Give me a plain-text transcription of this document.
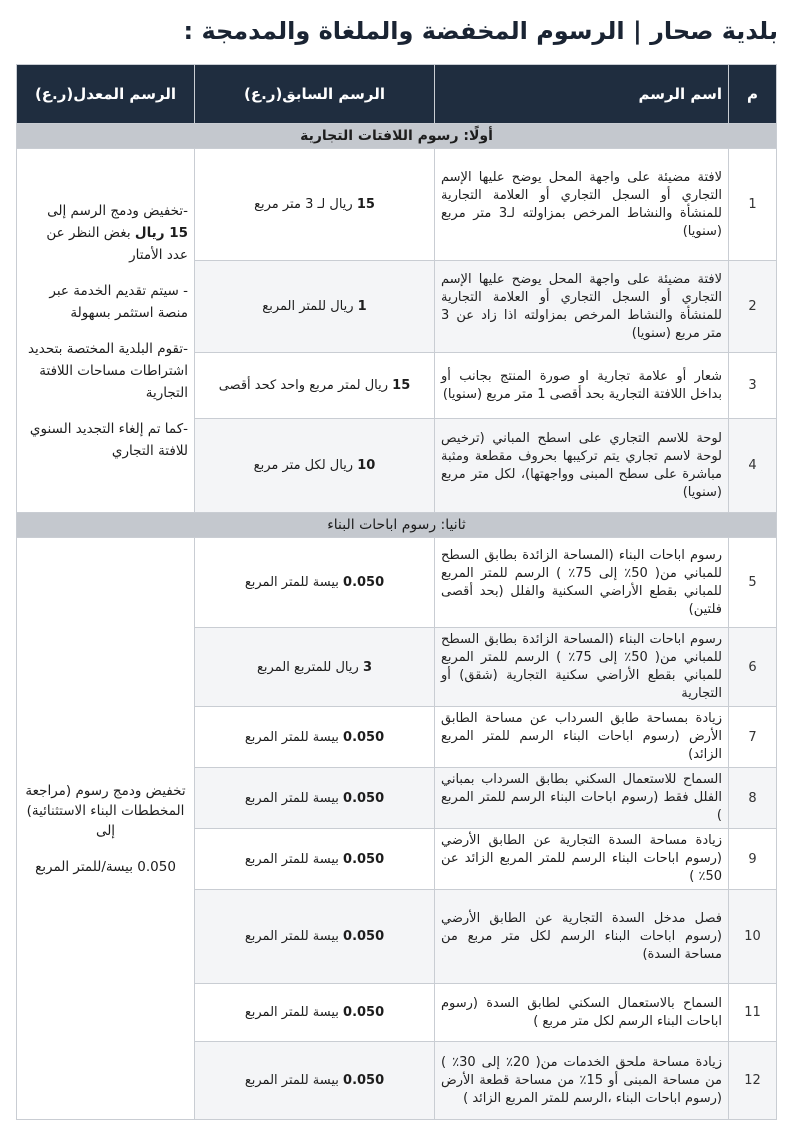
بلدية صحار | الرسوم المخفضة والملغاة والمدمجة :
م	اسم الرسم	الرسم السابق(ر.ع)	الرسم المعدل(ر.ع)
أولًا: رسوم اللافتات التجارية			
1	لافتة مضيئة على واجهة المحل يوضح عليها الإسم التجاري أو السجل التجاري أو العلامة التجارية للمنشأة والنشاط المرخص بمزاولته لـ3 متر مربع (سنويا)	15 ريال لـ 3 متر مربع	-تخفيض ودمج الرسم إلى
15 ريال بغض النظر عن عدد الأمتار

- سيتم تقديم الخدمة عبر منصة استثمر بسهولة

-تقوم البلدية المختصة بتحديد اشتراطات مساحات اللافتة التجارية

-كما تم إلغاء التجديد السنوي للافتة التجاري

2	لافتة مضيئة على واجهة المحل يوضح عليها الإسم التجاري أو السجل التجاري أو العلامة التجارية للمنشأة والنشاط المرخص بمزاولته اذا زاد عن 3 متر مربع (سنويا)	1 ريال للمتر المربع	
3	شعار أو علامة تجارية او صورة المنتج بجانب أو بداخل اللافتة التجارية بحد أقصى 1 متر مربع (سنويا)	15 ريال لمتر مربع واحد كحد أقصى	
4	لوحة للاسم التجاري على اسطح المباني (ترخيص لوحة لاسم تجاري يتم تركيبها بحروف مقطعة ومثبة مباشرة على سطح المبنى وواجهتها)، لكل متر مربع (سنويا)	10 ريال لكل متر مربع	
ثانيا: رسوم اباحات البناء			
5	رسوم اباحات البناء (المساحة الزائدة بطابق السطح للمباني من( 50٪ إلى 75٪ ) الرسم للمتر المربع للمباني بقطع الأراضي السكنية والفلل (بحد أقصى فلتين)	0.050 بيسة للمتر المربع	تخفيض ودمج رسوم (مراجعة المخططات البناء الاستثنائية)

إلى

0.050 بيسة/للمتر المربع

6	رسوم اباحات البناء (المساحة الزائدة بطابق السطح للمباني من( 50٪ إلى 75٪ ) الرسم للمتر المربع للمباني بقطع الأراضي سكنية التجارية (شقق) أو التجارية	3 ريال للمتربع المربع	
7	زيادة بمساحة طابق السرداب عن مساحة الطابق الأرض (رسوم اباحات البناء الرسم للمتر المربع الزائد)	0.050 بيسة للمتر المربع	
8	السماح للاستعمال السكني بطابق السرداب بمباني الفلل فقط (رسوم اباحات البناء الرسم للمتر المربع )	0.050 بيسة للمتر المربع	
9	زيادة مساحة السدة التجارية عن الطابق الأرضي (رسوم اباحات البناء الرسم للمتر المربع الزائد عن 50٪ )	0.050 بيسة للمتر المربع	
10	فصل مدخل السدة التجارية عن الطابق الأرضي (رسوم اباحات البناء الرسم لكل متر مربع من مساحة السدة)	0.050 بيسة للمتر المربع	
11	السماح بالاستعمال السكني لطابق السدة (رسوم اباحات البناء الرسم لكل متر مربع )	0.050 بيسة للمتر المربع	
12	زيادة مساحة ملحق الخدمات من( 20٪ إلى 30٪ ) من مساحة المبنى أو 15٪ من مساحة قطعة الأرض (رسوم اباحات البناء ،الرسم للمتر المربع الزائد )	0.050 بيسة للمتر المربع	
